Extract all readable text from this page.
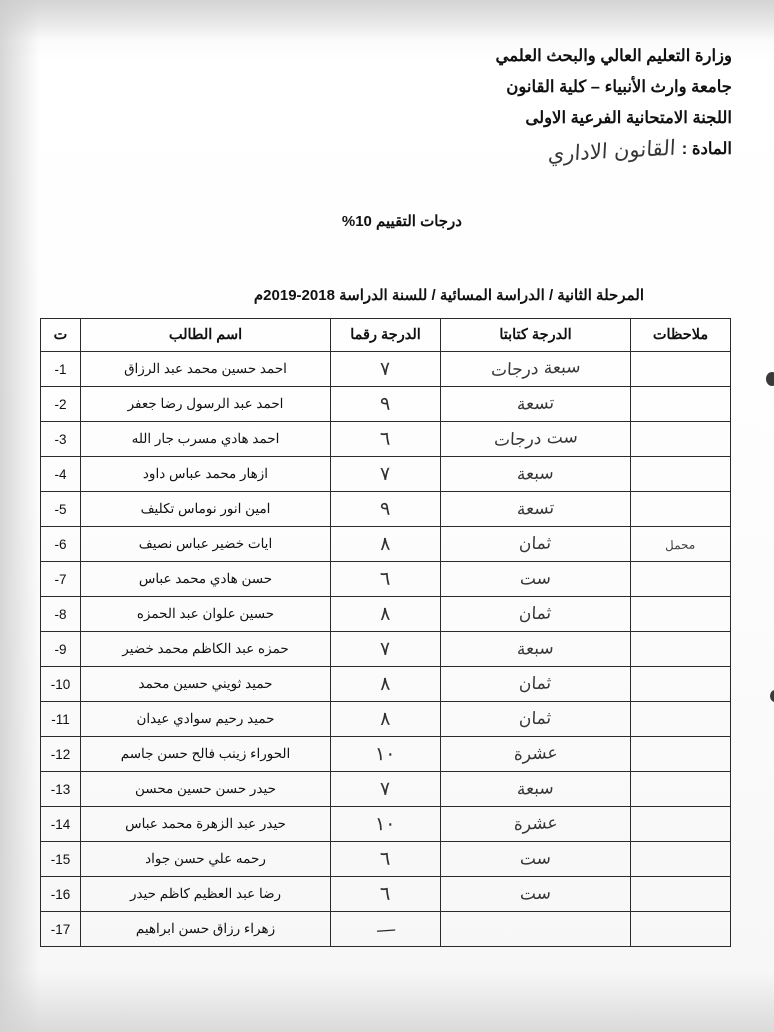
وزارة التعليم العالي والبحث العلمي
جامعة وارث الأنبياء – كلية القانون
اللجنة الامتحانية الفرعية الاولى
المادة :
القانون الاداري
درجات التقييم 10%
المرحلة الثانية / الدراسة المسائية / للسنة الدراسة 2018-2019م
ملاحظات	الدرجة كتابتا	الدرجة رقما	اسم الطالب	ت
	سبعة درجات	٧	احمد حسين محمد عبد الرزاق	1-
	تسعة	٩	احمد عبد الرسول رضا جعفر	2-
	ست درجات	٦	احمد هادي مسرب جار الله	3-
	سبعة	٧	ازهار محمد عباس داود	4-
	تسعة	٩	امين انور نوماس تكليف	5-
محمل	ثمان	٨	ايات خضير عباس نصيف	6-
	ست	٦	حسن هادي محمد عباس	7-
	ثمان	٨	حسين علوان عبد الحمزه	8-
	سبعة	٧	حمزه عبد الكاظم محمد خضير	9-
	ثمان	٨	حميد ثويني حسين محمد	10-
	ثمان	٨	حميد رحيم سوادي عيدان	11-
	عشرة	١٠	الحوراء زينب فالح حسن جاسم	12-
	سبعة	٧	حيدر حسن حسين محسن	13-
	عشرة	١٠	حيدر عبد الزهرة محمد عباس	14-
	ست	٦	رحمه علي حسن جواد	15-
	ست	٦	رضا عبد العظيم كاظم حيدر	16-
		—	زهراء رزاق حسن ابراهيم	17-
